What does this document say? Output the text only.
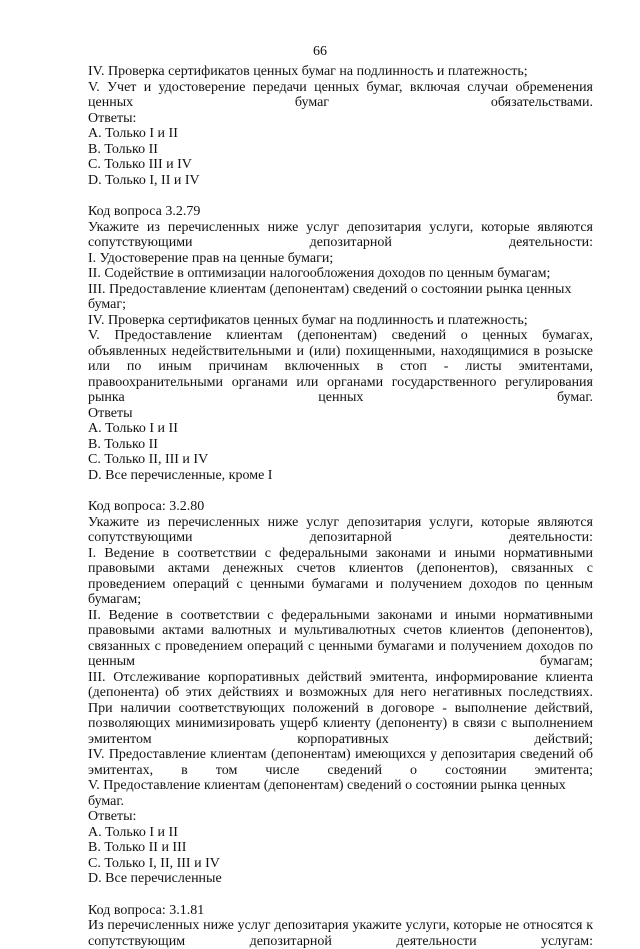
66

IV. Проверка сертификатов ценных бумаг на подлинность и платежность;

V. Учет и удостоверение передачи ценных бумаг, включая случаи обременения ценных бумаг обязательствами.

Ответы:

A. Только I и II

B. Только II

C. Только III и IV

D. Только I, II и IV

Код вопроса 3.2.79

Укажите из перечисленных ниже услуг депозитария услуги, которые являются сопутствующими депозитарной деятельности:

I. Удостоверение прав на ценные бумаги;

II. Содействие в оптимизации налогообложения доходов по ценным бумагам;

III. Предоставление клиентам (депонентам) сведений о состоянии рынка ценных бумаг;

IV. Проверка сертификатов ценных бумаг на подлинность и платежность;

V. Предоставление клиентам (депонентам) сведений о ценных бумагах, объявленных недействительными и (или) похищенными, находящимися в розыске или по иным причинам включенных в стоп - листы эмитентами, правоохранительными органами или органами государственного регулирования рынка ценных бумаг.

Ответы

A. Только I и II

B. Только II

C. Только II, III и IV

D. Все перечисленные, кроме I

Код вопроса: 3.2.80

Укажите из перечисленных ниже услуг депозитария услуги, которые являются сопутствующими депозитарной деятельности:

I. Ведение в соответствии с федеральными законами и иными нормативными правовыми актами денежных счетов клиентов (депонентов), связанных с проведением операций с ценными бумагами и получением доходов по ценным бумагам;

II. Ведение в соответствии с федеральными законами и иными нормативными правовыми актами валютных и мультивалютных счетов клиентов (депонентов), связанных с проведением операций с ценными бумагами и получением доходов по ценным бумагам;

III. Отслеживание корпоративных действий эмитента, информирование клиента (депонента) об этих действиях и возможных для него негативных последствиях. При наличии соответствующих положений в договоре - выполнение действий, позволяющих минимизировать ущерб клиенту (депоненту) в связи с выполнением эмитентом корпоративных действий;

IV. Предоставление клиентам (депонентам) имеющихся у депозитария сведений об эмитентах, в том числе сведений о состоянии эмитента;

V. Предоставление клиентам (депонентам) сведений о состоянии рынка ценных бумаг.

Ответы:

A. Только I и II

B. Только II и III

C. Только I, II, III и IV

D. Все перечисленные

Код вопроса: 3.1.81

Из перечисленных ниже услуг депозитария укажите услуги, которые не относятся к сопутствующим депозитарной деятельности услугам:
